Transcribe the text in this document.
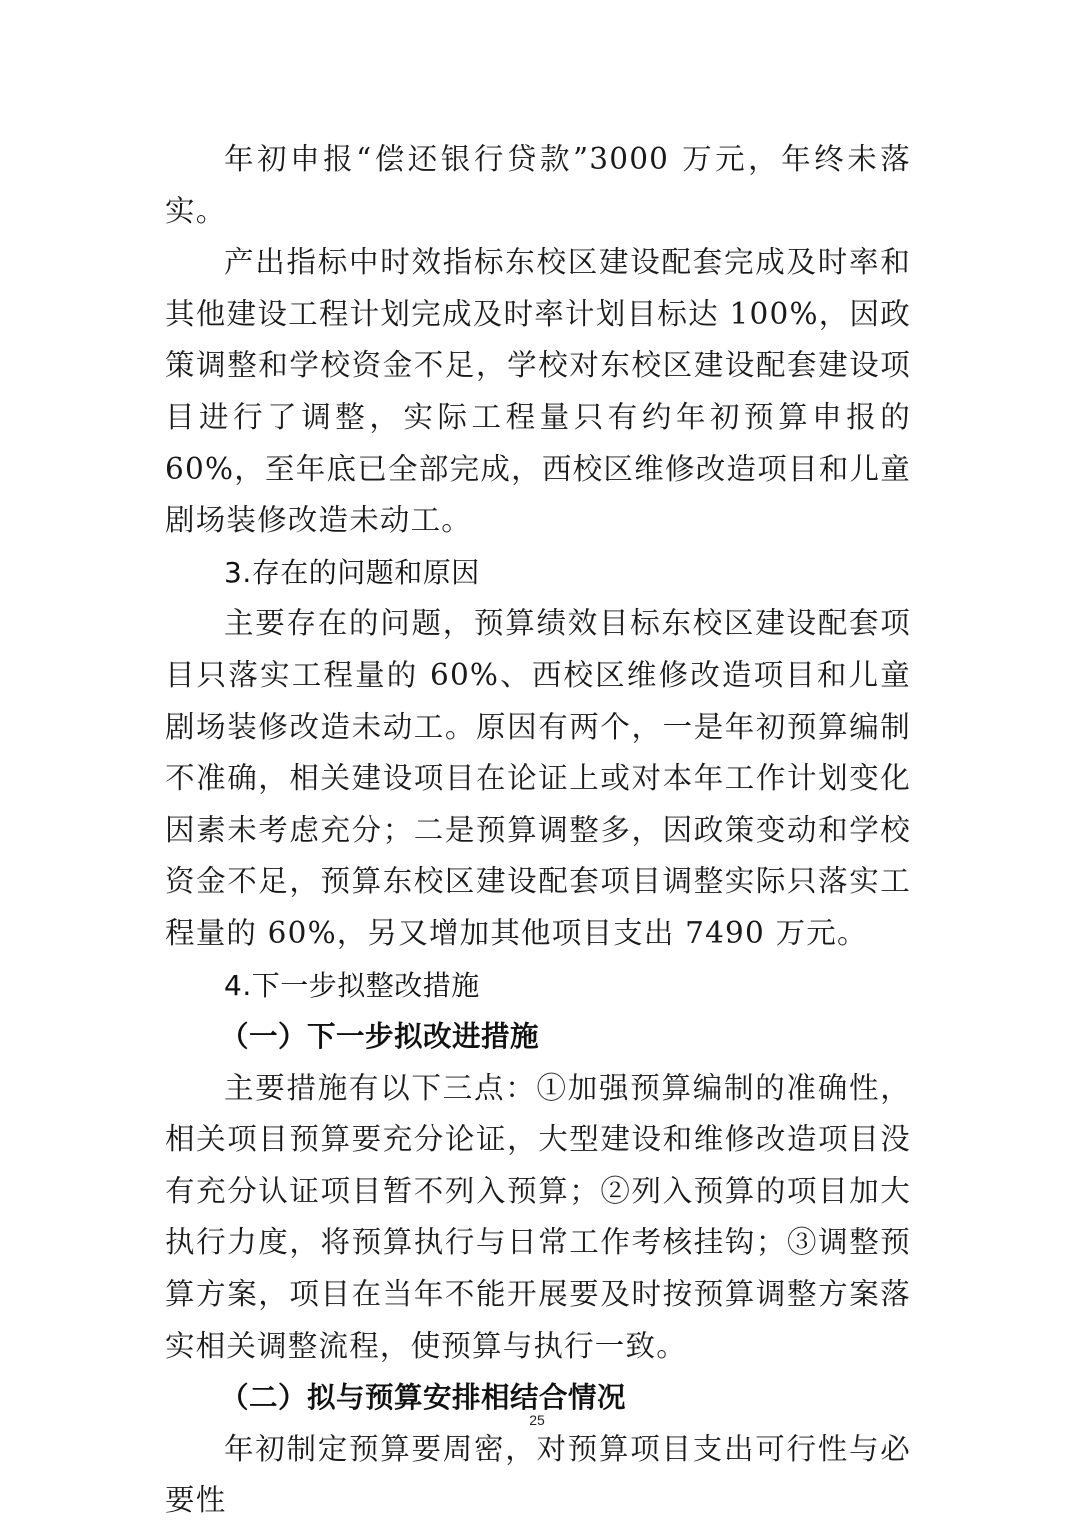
年初申报“偿还银行贷款”3000 万元，年终未落实。

产出指标中时效指标东校区建设配套完成及时率和其他建设工程计划完成及时率计划目标达 100%，因政策调整和学校资金不足，学校对东校区建设配套建设项目进行了调整，实际工程量只有约年初预算申报的 60%，至年底已全部完成，西校区维修改造项目和儿童剧场装修改造未动工。

3.存在的问题和原因

主要存在的问题，预算绩效目标东校区建设配套项目只落实工程量的 60%、西校区维修改造项目和儿童剧场装修改造未动工。原因有两个，一是年初预算编制不准确，相关建设项目在论证上或对本年工作计划变化因素未考虑充分；二是预算调整多，因政策变动和学校资金不足，预算东校区建设配套项目调整实际只落实工程量的 60%，另又增加其他项目支出 7490 万元。

4.下一步拟整改措施

（一）下一步拟改进措施

主要措施有以下三点：①加强预算编制的准确性，相关项目预算要充分论证，大型建设和维修改造项目没有充分认证项目暂不列入预算；②列入预算的项目加大执行力度，将预算执行与日常工作考核挂钩；③调整预算方案，项目在当年不能开展要及时按预算调整方案落实相关调整流程，使预算与执行一致。

（二）拟与预算安排相结合情况

年初制定预算要周密，对预算项目支出可行性与必要性

25
